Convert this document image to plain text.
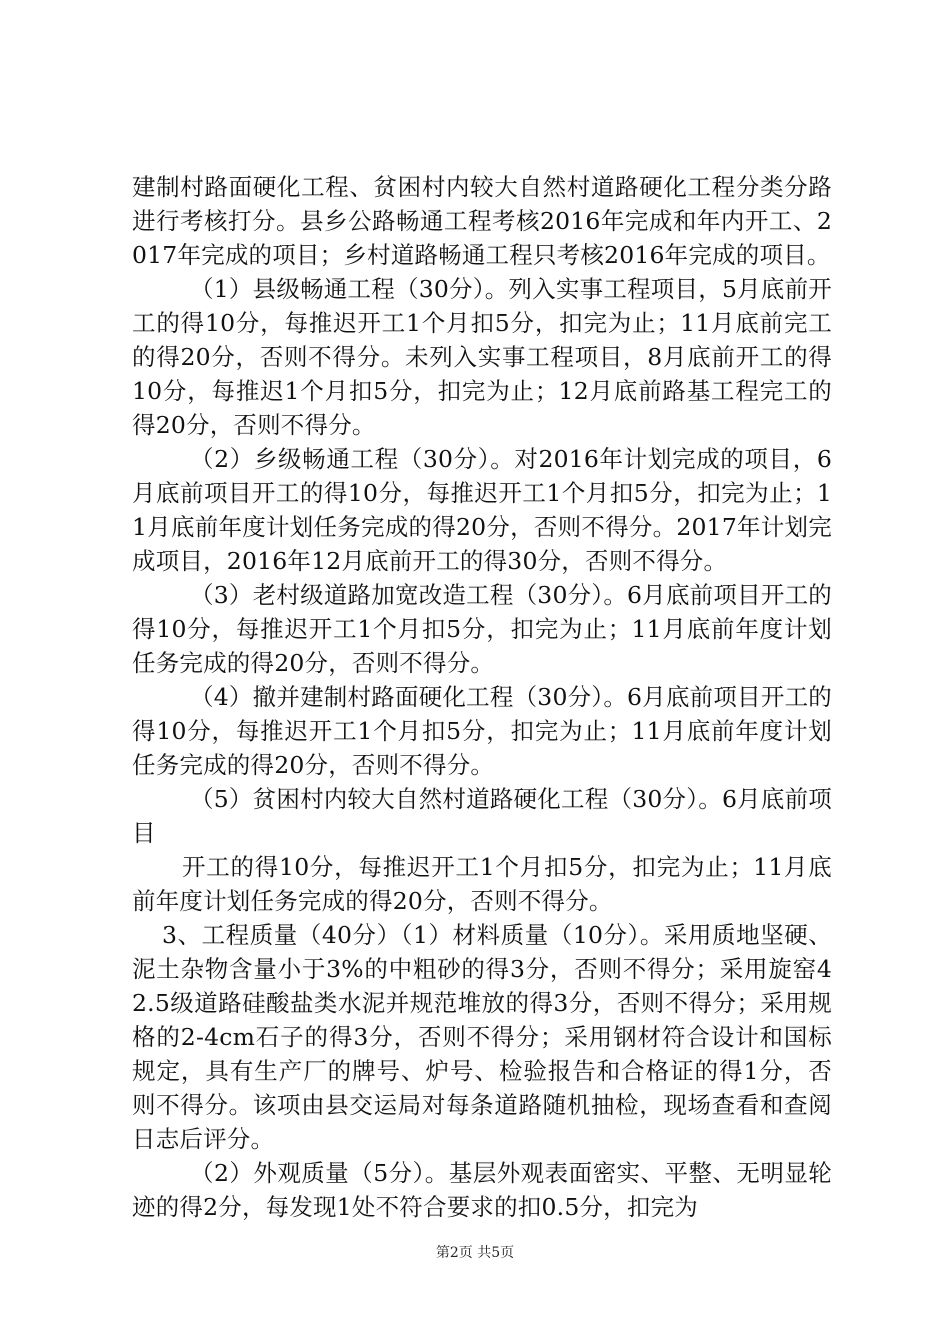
建制村路面硬化工程、贫困村内较大自然村道路硬化工程分类分路进行考核打分。县乡公路畅通工程考核2016年完成和年内开工、2017年完成的项目；乡村道路畅通工程只考核2016年完成的项目。

（1）县级畅通工程（30分）。列入实事工程项目，5月底前开工的得10分，每推迟开工1个月扣5分，扣完为止；11月底前完工的得20分，否则不得分。未列入实事工程项目，8月底前开工的得10分，每推迟1个月扣5分，扣完为止；12月底前路基工程完工的得20分，否则不得分。

（2）乡级畅通工程（30分）。对2016年计划完成的项目，6月底前项目开工的得10分，每推迟开工1个月扣5分，扣完为止；11月底前年度计划任务完成的得20分，否则不得分。2017年计划完成项目，2016年12月底前开工的得30分，否则不得分。

（3）老村级道路加宽改造工程（30分）。6月底前项目开工的得10分，每推迟开工1个月扣5分，扣完为止；11月底前年度计划任务完成的得20分，否则不得分。

（4）撤并建制村路面硬化工程（30分）。6月底前项目开工的得10分，每推迟开工1个月扣5分，扣完为止；11月底前年度计划任务完成的得20分，否则不得分。

（5）贫困村内较大自然村道路硬化工程（30分）。6月底前项目

开工的得10分，每推迟开工1个月扣5分，扣完为止；11月底前年度计划任务完成的得20分，否则不得分。

3、工程质量（40分）（1）材料质量（10分）。采用质地坚硬、泥土杂物含量小于3%的中粗砂的得3分，否则不得分；采用旋窑42.5级道路硅酸盐类水泥并规范堆放的得3分，否则不得分；采用规格的2-4cm石子的得3分，否则不得分；采用钢材符合设计和国标规定，具有生产厂的牌号、炉号、检验报告和合格证的得1分，否则不得分。该项由县交运局对每条道路随机抽检，现场查看和查阅日志后评分。

（2）外观质量（5分）。基层外观表面密实、平整、无明显轮迹的得2分，每发现1处不符合要求的扣0.5分，扣完为

第2页 共5页
